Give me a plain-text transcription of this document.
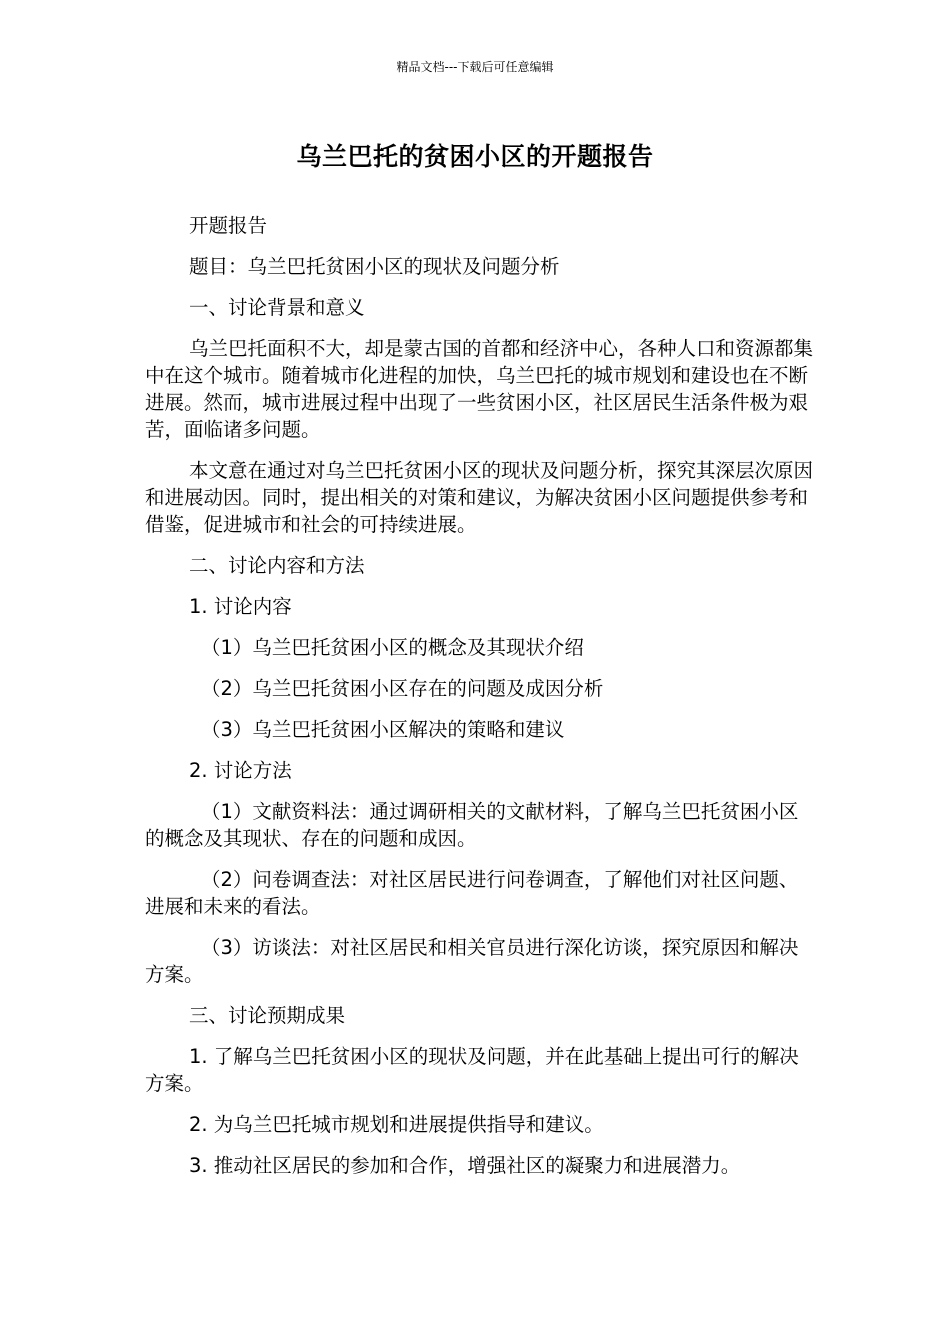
精品文档---下载后可任意编辑
乌兰巴托的贫困小区的开题报告

开题报告

题目：乌兰巴托贫困小区的现状及问题分析

一、讨论背景和意义

乌兰巴托面积不大，却是蒙古国的首都和经济中心，各种人口和资源都集中在这个城市。随着城市化进程的加快，乌兰巴托的城市规划和建设也在不断进展。然而，城市进展过程中出现了一些贫困小区，社区居民生活条件极为艰苦，面临诸多问题。

本文意在通过对乌兰巴托贫困小区的现状及问题分析，探究其深层次原因和进展动因。同时，提出相关的对策和建议，为解决贫困小区问题提供参考和借鉴，促进城市和社会的可持续进展。

二、讨论内容和方法

1. 讨论内容

（1）乌兰巴托贫困小区的概念及其现状介绍

（2）乌兰巴托贫困小区存在的问题及成因分析

（3）乌兰巴托贫困小区解决的策略和建议

2. 讨论方法

（1）文献资料法：通过调研相关的文献材料，了解乌兰巴托贫困小区的概念及其现状、存在的问题和成因。

（2）问卷调查法：对社区居民进行问卷调查，了解他们对社区问题、进展和未来的看法。

（3）访谈法：对社区居民和相关官员进行深化访谈，探究原因和解决方案。

三、讨论预期成果

1. 了解乌兰巴托贫困小区的现状及问题，并在此基础上提出可行的解决方案。

2. 为乌兰巴托城市规划和进展提供指导和建议。

3. 推动社区居民的参加和合作，增强社区的凝聚力和进展潜力。
